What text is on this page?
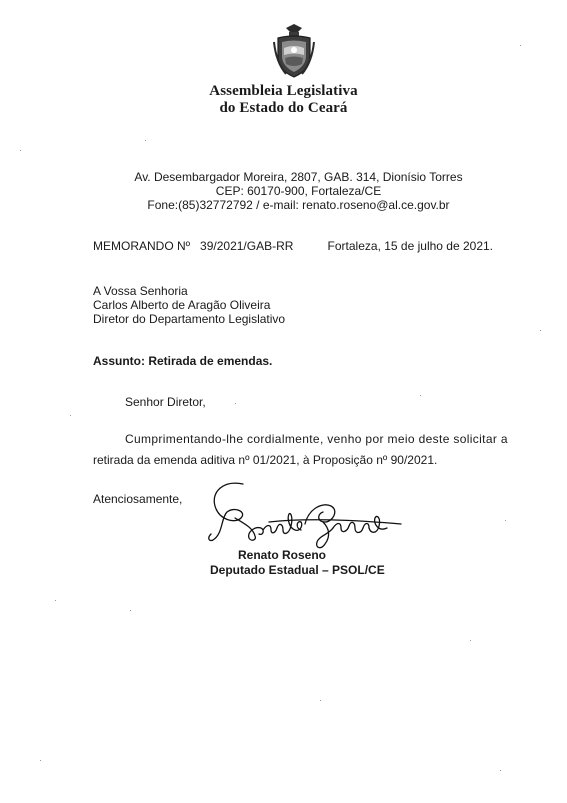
Assembleia Legislativa
do Estado do Ceará
Av. Desembargador Moreira, 2807, GAB. 314, Dionísio Torres
CEP: 60170-900, Fortaleza/CE
Fone:(85)32772792 / e-mail: renato.roseno@al.ce.gov.br
MEMORANDO Nº   39/2021/GAB-RR	Fortaleza, 15 de julho de 2021.
A Vossa Senhoria
Carlos Alberto de Aragão Oliveira
Diretor do Departamento Legislativo
Assunto: Retirada de emendas.
Senhor Diretor,
Cumprimentando-lhe cordialmente, venho por meio deste solicitar a
retirada da emenda aditiva nº 01/2021, à Proposição nº 90/2021.
Atenciosamente,
Renato Roseno
Deputado Estadual – PSOL/CE
